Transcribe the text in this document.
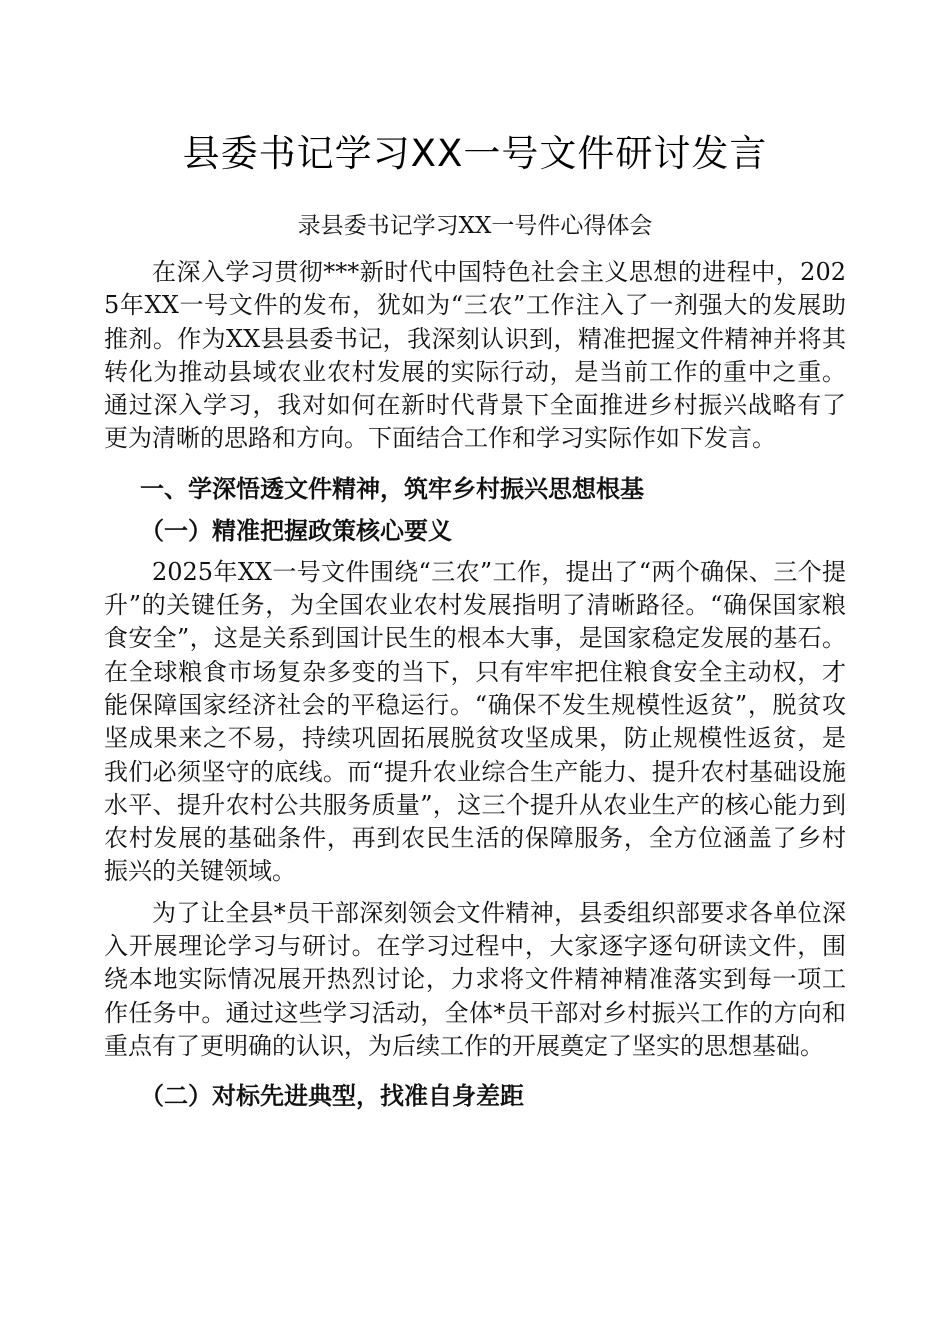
县委书记学习XX一号文件研讨发言
录县委书记学习XX一号件心得体会

在深入学习贯彻***新时代中国特色社会主义思想的进程中，2025年XX一号文件的发布，犹如为“三农”工作注入了一剂强大的发展助推剂。作为XX县县委书记，我深刻认识到，精准把握文件精神并将其转化为推动县域农业农村发展的实际行动，是当前工作的重中之重。通过深入学习，我对如何在新时代背景下全面推进乡村振兴战略有了更为清晰的思路和方向。下面结合工作和学习实际作如下发言。

一、学深悟透文件精神，筑牢乡村振兴思想根基

（一）精准把握政策核心要义

2025年XX一号文件围绕“三农”工作，提出了“两个确保、三个提升”的关键任务，为全国农业农村发展指明了清晰路径。“确保国家粮食安全”，这是关系到国计民生的根本大事，是国家稳定发展的基石。在全球粮食市场复杂多变的当下，只有牢牢把住粮食安全主动权，才能保障国家经济社会的平稳运行。“确保不发生规模性返贫”，脱贫攻坚成果来之不易，持续巩固拓展脱贫攻坚成果，防止规模性返贫，是我们必须坚守的底线。而“提升农业综合生产能力、提升农村基础设施水平、提升农村公共服务质量”，这三个提升从农业生产的核心能力到农村发展的基础条件，再到农民生活的保障服务，全方位涵盖了乡村振兴的关键领域。

为了让全县*员干部深刻领会文件精神，县委组织部要求各单位深入开展理论学习与研讨。在学习过程中，大家逐字逐句研读文件，围绕本地实际情况展开热烈讨论，力求将文件精神精准落实到每一项工作任务中。通过这些学习活动，全体*员干部对乡村振兴工作的方向和重点有了更明确的认识，为后续工作的开展奠定了坚实的思想基础。

（二）对标先进典型，找准自身差距
